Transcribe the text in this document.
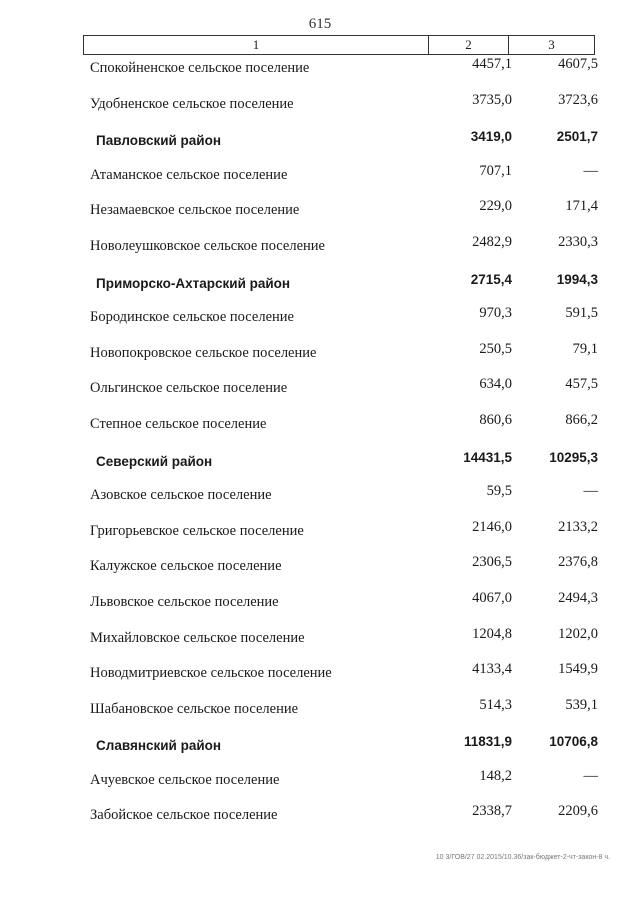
615
1	2	3
Спокойненское сельское поселение	4457,1	4607,5
Удобненское сельское поселение	3735,0	3723,6
Павловский район	3419,0	2501,7
Атаманское сельское поселение	707,1	—
Незамаевское сельское поселение	229,0	171,4
Новолеушковское сельское поселение	2482,9	2330,3
Приморско-Ахтарский район	2715,4	1994,3
Бородинское сельское поселение	970,3	591,5
Новопокровское сельское поселение	250,5	79,1
Ольгинское сельское поселение	634,0	457,5
Степное сельское поселение	860,6	866,2
Северский район	14431,5	10295,3
Азовское сельское поселение	59,5	—
Григорьевское сельское поселение	2146,0	2133,2
Калужское сельское поселение	2306,5	2376,8
Львовское сельское поселение	4067,0	2494,3
Михайловское сельское поселение	1204,8	1202,0
Новодмитриевское сельское поселение	4133,4	1549,9
Шабановское сельское поселение	514,3	539,1
Славянский район	11831,9	10706,8
Ачуевское сельское поселение	148,2	—
Забойское сельское поселение	2338,7	2209,6
10 3/ГОВ/27 02.2015/10.36/зак-бюджет-2-чт-закон-8 ч.
